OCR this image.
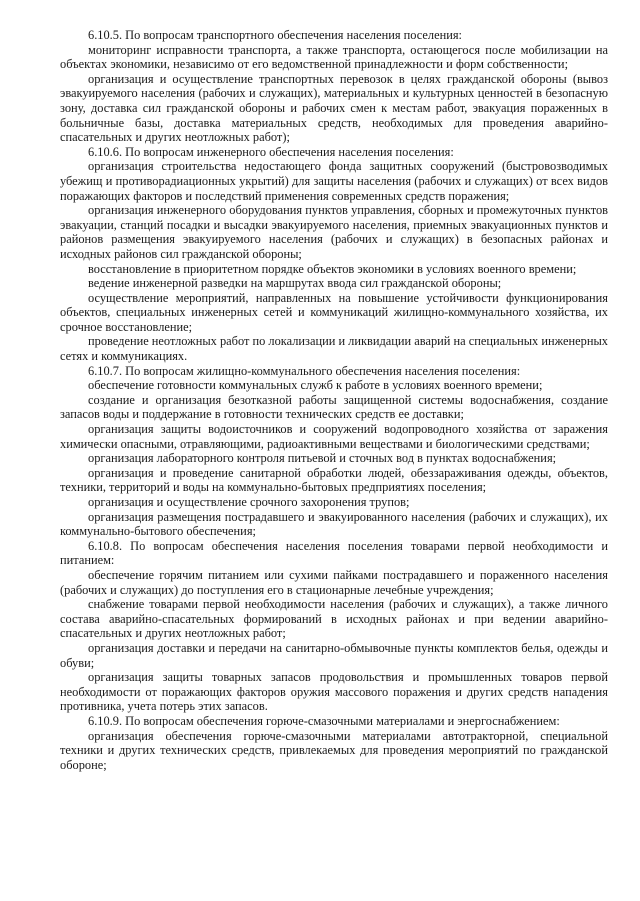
6.10.5. По вопросам транспортного обеспечения населения поселения:

мониторинг исправности транспорта, а также транспорта, остающегося после мобилизации на объектах экономики, независимо от его ведомственной принадлежности и форм собственности;

организация и осуществление транспортных перевозок в целях гражданской обороны (вывоз эвакуируемого населения (рабочих и служащих), материальных и культурных ценностей в безопасную зону, доставка сил гражданской обороны и рабочих смен к местам работ, эвакуация пораженных в больничные базы, доставка материальных средств, необходимых для проведения аварийно-спасательных и других неотложных работ);

6.10.6. По вопросам инженерного обеспечения населения поселения:

организация строительства недостающего фонда защитных сооружений (быстровозводимых убежищ и противорадиационных укрытий) для защиты населения (рабочих и служащих) от всех видов поражающих факторов и последствий применения современных средств поражения;

организация инженерного оборудования пунктов управления, сборных и промежуточных пунктов эвакуации, станций посадки и высадки эвакуируемого населения, приемных эвакуационных пунктов и районов размещения эвакуируемого населения (рабочих и служащих) в безопасных районах и исходных районов сил гражданской обороны;

восстановление в приоритетном порядке объектов экономики в условиях военного времени;

ведение инженерной разведки на маршрутах ввода сил гражданской обороны;

осуществление мероприятий, направленных на повышение устойчивости функционирования объектов, специальных инженерных сетей и коммуникаций жилищно-коммунального хозяйства, их срочное восстановление;

проведение неотложных работ по локализации и ликвидации аварий на специальных инженерных сетях и коммуникациях.

6.10.7. По вопросам жилищно-коммунального обеспечения населения поселения:

обеспечение готовности коммунальных служб к работе в условиях военного времени;

создание и организация безотказной работы защищенной системы водоснабжения, создание запасов воды и поддержание в готовности технических средств ее доставки;

организация защиты водоисточников и сооружений водопроводного хозяйства от заражения химически опасными, отравляющими, радиоактивными веществами и биологическими средствами;

организация лабораторного контроля питьевой и сточных вод в пунктах водоснабжения;

организация и проведение санитарной обработки людей, обеззараживания одежды, объектов, техники, территорий и воды на коммунально-бытовых предприятиях поселения;

организация и осуществление срочного захоронения трупов;

организация размещения пострадавшего и эвакуированного населения (рабочих и служащих), их коммунально-бытового обеспечения;

6.10.8. По вопросам обеспечения населения поселения товарами первой необходимости и питанием:

обеспечение горячим питанием или сухими пайками пострадавшего и пораженного населения (рабочих и служащих) до поступления его в стационарные лечебные учреждения;

снабжение товарами первой необходимости населения (рабочих и служащих), а также личного состава аварийно-спасательных формирований в исходных районах и при ведении аварийно-спасательных и других неотложных работ;

организация доставки и передачи на санитарно-обмывочные пункты комплектов белья, одежды и обуви;

организация защиты товарных запасов продовольствия и промышленных товаров первой необходимости от поражающих факторов оружия массового поражения и других средств нападения противника, учета потерь этих запасов.

6.10.9. По вопросам обеспечения горюче-смазочными материалами и энергоснабжением:

организация обеспечения горюче-смазочными материалами автотракторной, специальной техники и других технических средств, привлекаемых для проведения мероприятий по гражданской обороне;
